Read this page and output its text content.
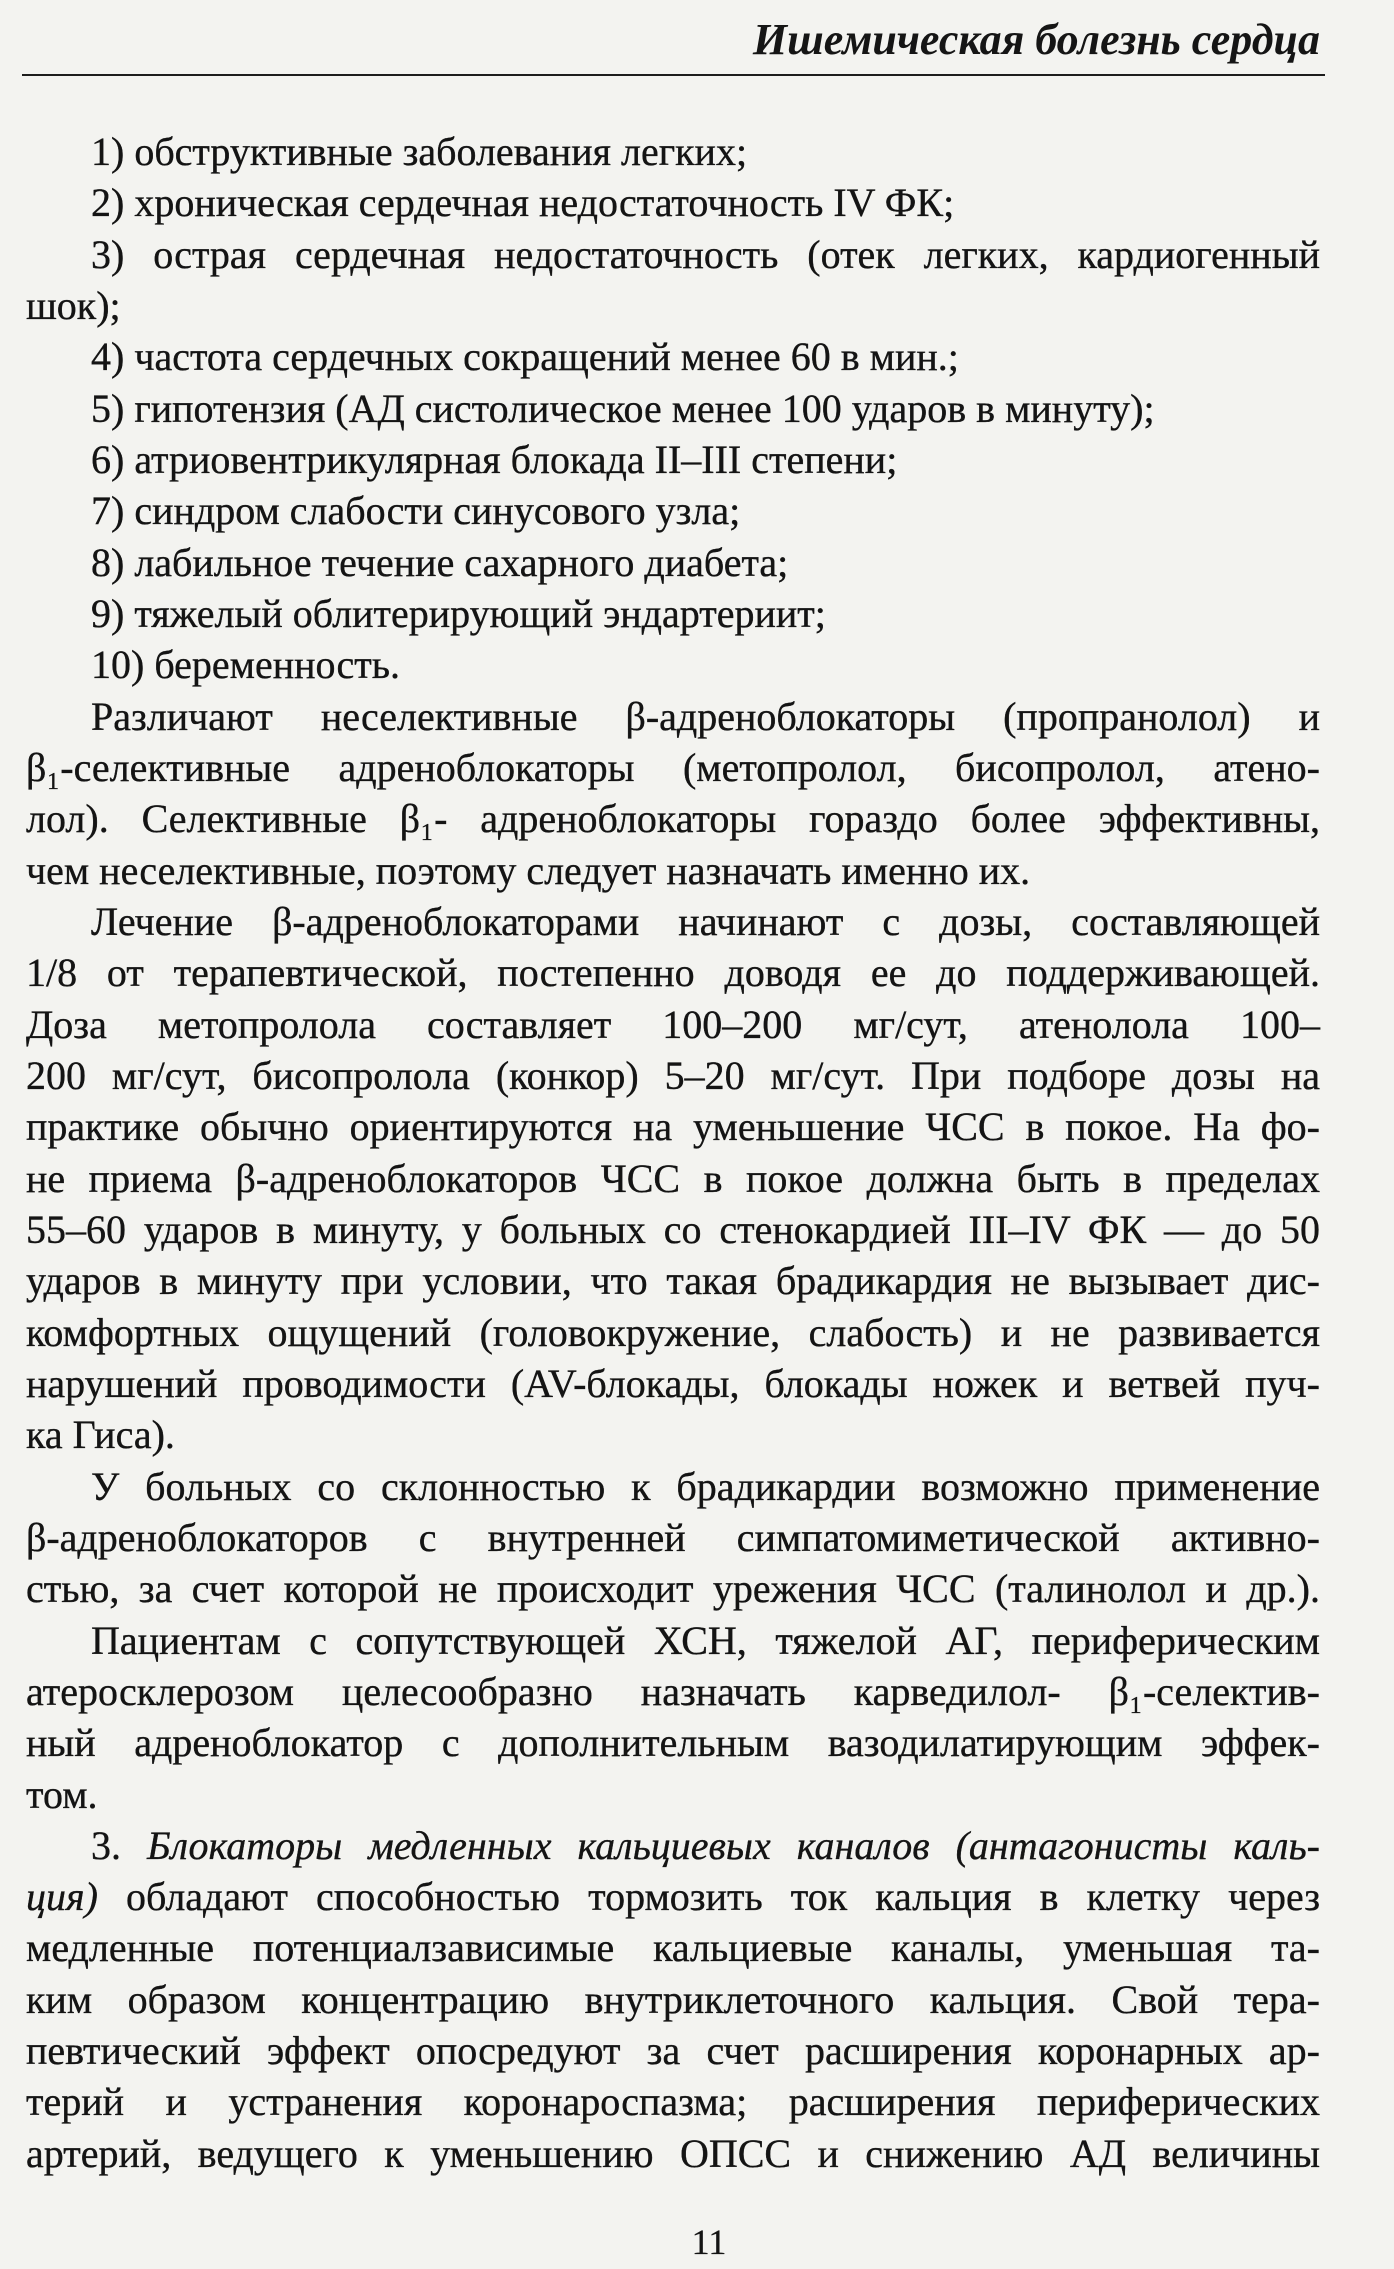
Ишемическая болезнь сердца
1) обструктивные заболевания легких;
2) хроническая сердечная недостаточность IV ФК;
3) острая сердечная недостаточность (отек легких, кардиогенный
шок);
4) частота сердечных сокращений менее 60 в мин.;
5) гипотензия (АД систолическое менее 100 ударов в минуту);
6) атриовентрикулярная блокада II–III степени;
7) синдром слабости синусового узла;
8) лабильное течение сахарного диабета;
9) тяжелый облитерирующий эндартериит;
10) беременность.
Различают неселективные β-адреноблокаторы (пропранолол) и
β₁-селективные адреноблокаторы (метопролол, бисопролол, атено-
лол). Селективные β₁- адреноблокаторы гораздо более эффективны,
чем неселективные, поэтому следует назначать именно их.
Лечение β-адреноблокаторами начинают с дозы, составляющей
1/8 от терапевтической, постепенно доводя ее до поддерживающей.
Доза метопролола составляет 100–200 мг/сут, атенолола 100–
200 мг/сут, бисопролола (конкор) 5–20 мг/сут. При подборе дозы на
практике обычно ориентируются на уменьшение ЧСС в покое. На фо-
не приема β-адреноблокаторов ЧСС в покое должна быть в пределах
55–60 ударов в минуту, у больных со стенокардией III–IV ФК — до 50
ударов в минуту при условии, что такая брадикардия не вызывает дис-
комфортных ощущений (головокружение, слабость) и не развивается
нарушений проводимости (AV-блокады, блокады ножек и ветвей пуч-
ка Гиса).
У больных со склонностью к брадикардии возможно применение
β-адреноблокаторов с внутренней симпатомиметической активно-
стью, за счет которой не происходит урежения ЧСС (талинолол и др.).
Пациентам с сопутствующей ХСН, тяжелой АГ, периферическим
атеросклерозом целесообразно назначать карведилол- β₁-селектив-
ный адреноблокатор с дополнительным вазодилатирующим эффек-
том.
3. Блокаторы медленных кальциевых каналов (антагонисты каль-
ция) обладают способностью тормозить ток кальция в клетку через
медленные потенциалзависимые кальциевые каналы, уменьшая та-
ким образом концентрацию внутриклеточного кальция. Свой тера-
певтический эффект опосредуют за счет расширения коронарных ар-
терий и устранения коронароспазма; расширения периферических
артерий, ведущего к уменьшению ОПСС и снижению АД величины
11
